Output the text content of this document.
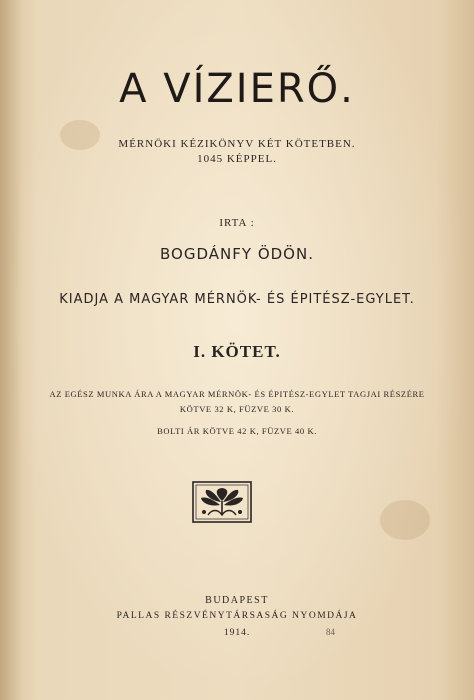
A VÍZIERŐ.
MÉRNÖKI KÉZIKÖNYV KÉT KÖTETBEN.
1045 KÉPPEL.
IRTA :
BOGDÁNFY ÖDÖN.
KIADJA A MAGYAR MÉRNÖK- ÉS ÉPITÉSZ-EGYLET.
I. KÖTET.
AZ EGÉSZ MUNKA ÁRA A MAGYAR MÉRNÖK- ÉS ÉPITÉSZ-EGYLET TAGJAI RÉSZÉRE
KÖTVE 32 K, FÜZVE 30 K.
BOLTI ÁR KÖTVE 42 K, FÜZVE 40 K.
BUDAPEST
PALLAS RÉSZVÉNYTÁRSASÁG NYOMDÁJA
1914.	84
